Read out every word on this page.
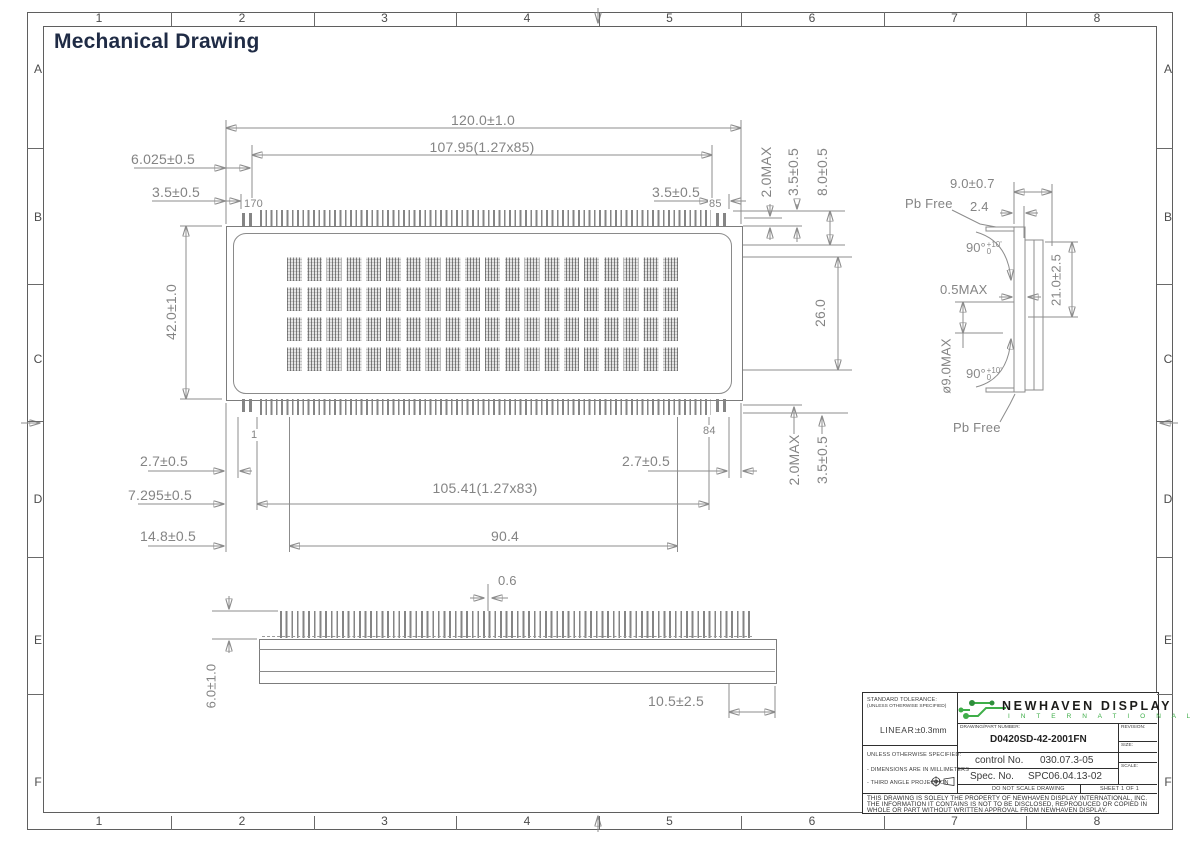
Mechanical Drawing
120.0±1.0
107.95(1.27x85)
6.025±0.5
3.5±0.5	3.5±0.5
170	85
2.0MAX 3.5±0.5 8.0±0.5
42.0±1.0	26.0
1	84
2.7±0.5	2.7±0.5
7.295±0.5	105.41(1.27x83)
14.8±0.5	90.4
2.0MAX 3.5±0.5
Pb Free
9.0±0.7
2.4
90° +10'
0
0.5MAX
ø9.0MAX
21.0±2.5
90° +10'
0
Pb Free
0.6
6.0±1.0	10.5±2.5	STANDARD TOLERANCE:
(UNLESS OTHERWISE SPECIFIED)
LINEAR:
±0.3mm
UNLESS OTHERWISE SPECIFIED:
- DIMENSIONS ARE IN MILLIMETERS
- THIRD ANGLE PROJECTION
NEWHAVEN DISPLAY
I N T E R N A T I O N A L
DRAWING/PART NUMBER:
D0420SD-42-2001FN
REVISION:
SIZE:
SCALE:
control No. 030.07.3-05
Spec. No. SPC06.04.13-02
DO NOT SCALE DRAWING	SHEET 1 OF 1
THIS DRAWING IS SOLELY THE PROPERTY OF NEWHAVEN DISPLAY INTERNATIONAL, INC.
THE INFORMATION IT CONTAINS IS NOT TO BE DISCLOSED, REPRODUCED OR COPIED IN
WHOLE OR PART WITHOUT WRITTEN APPROVAL FROM NEWHAVEN DISPLAY.
1
1
2
2
3
3
4
4
5
5
6
6
7
7
8
8
A	A
B	B
C	C
D	D
E	E
F	F
